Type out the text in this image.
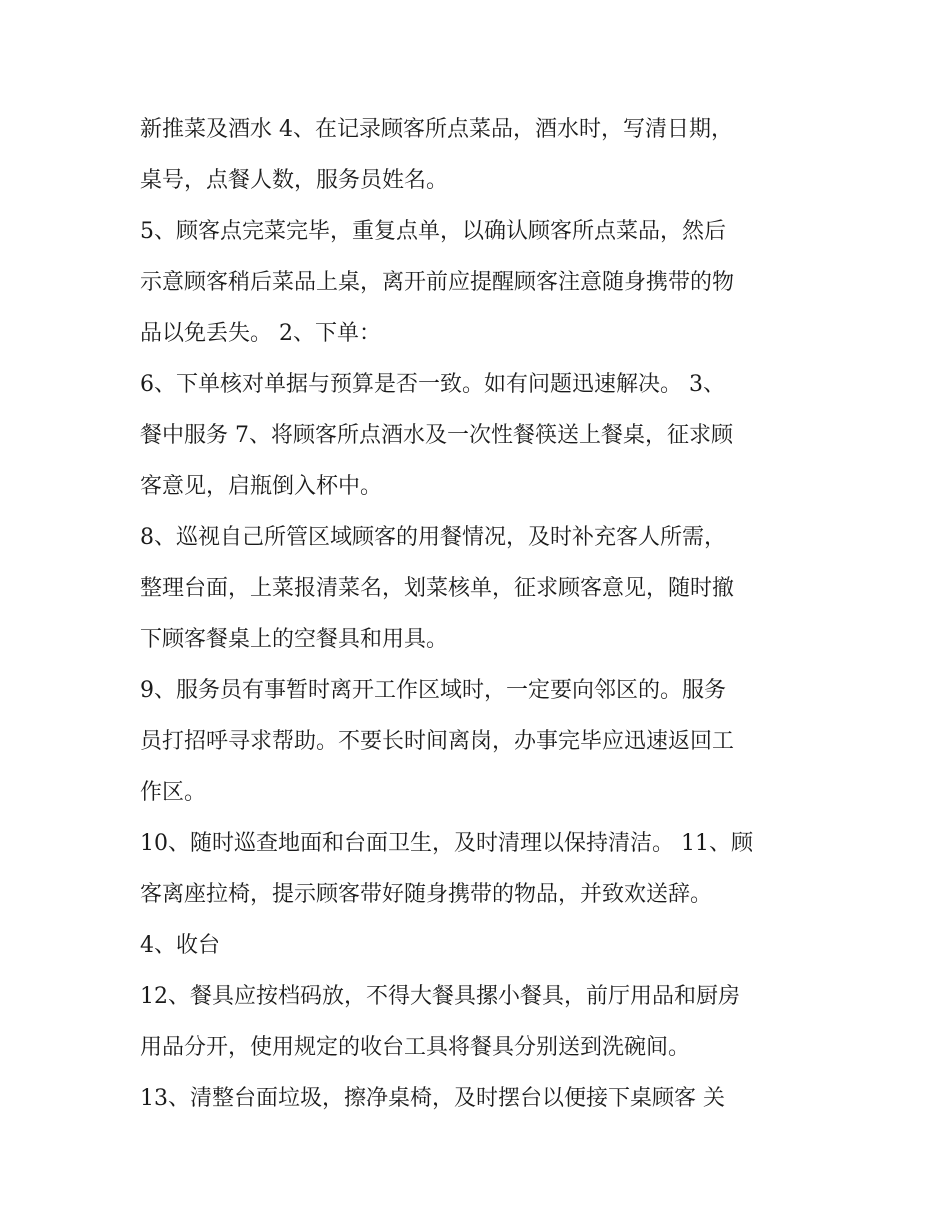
新推菜及酒水 4、在记录顾客所点菜品，酒水时，写清日期，
桌号，点餐人数，服务员姓名。
5、顾客点完菜完毕，重复点单，以确认顾客所点菜品，然后
示意顾客稍后菜品上桌，离开前应提醒顾客注意随身携带的物
品以免丢失。 2、下单：
6、下单核对单据与预算是否一致。如有问题迅速解决。 3、
餐中服务 7、将顾客所点酒水及一次性餐筷送上餐桌，征求顾
客意见，启瓶倒入杯中。
8、巡视自己所管区域顾客的用餐情况，及时补充客人所需，
整理台面，上菜报清菜名，划菜核单，征求顾客意见，随时撤
下顾客餐桌上的空餐具和用具。
9、服务员有事暂时离开工作区域时，一定要向邻区的。服务
员打招呼寻求帮助。不要长时间离岗，办事完毕应迅速返回工
作区。
10、随时巡查地面和台面卫生，及时清理以保持清洁。 11、顾
客离座拉椅，提示顾客带好随身携带的物品，并致欢送辞。
4、收台
12、餐具应按档码放，不得大餐具摞小餐具，前厅用品和厨房
用品分开，使用规定的收台工具将餐具分别送到洗碗间。
13、清整台面垃圾，擦净桌椅，及时摆台以便接下桌顾客 关
